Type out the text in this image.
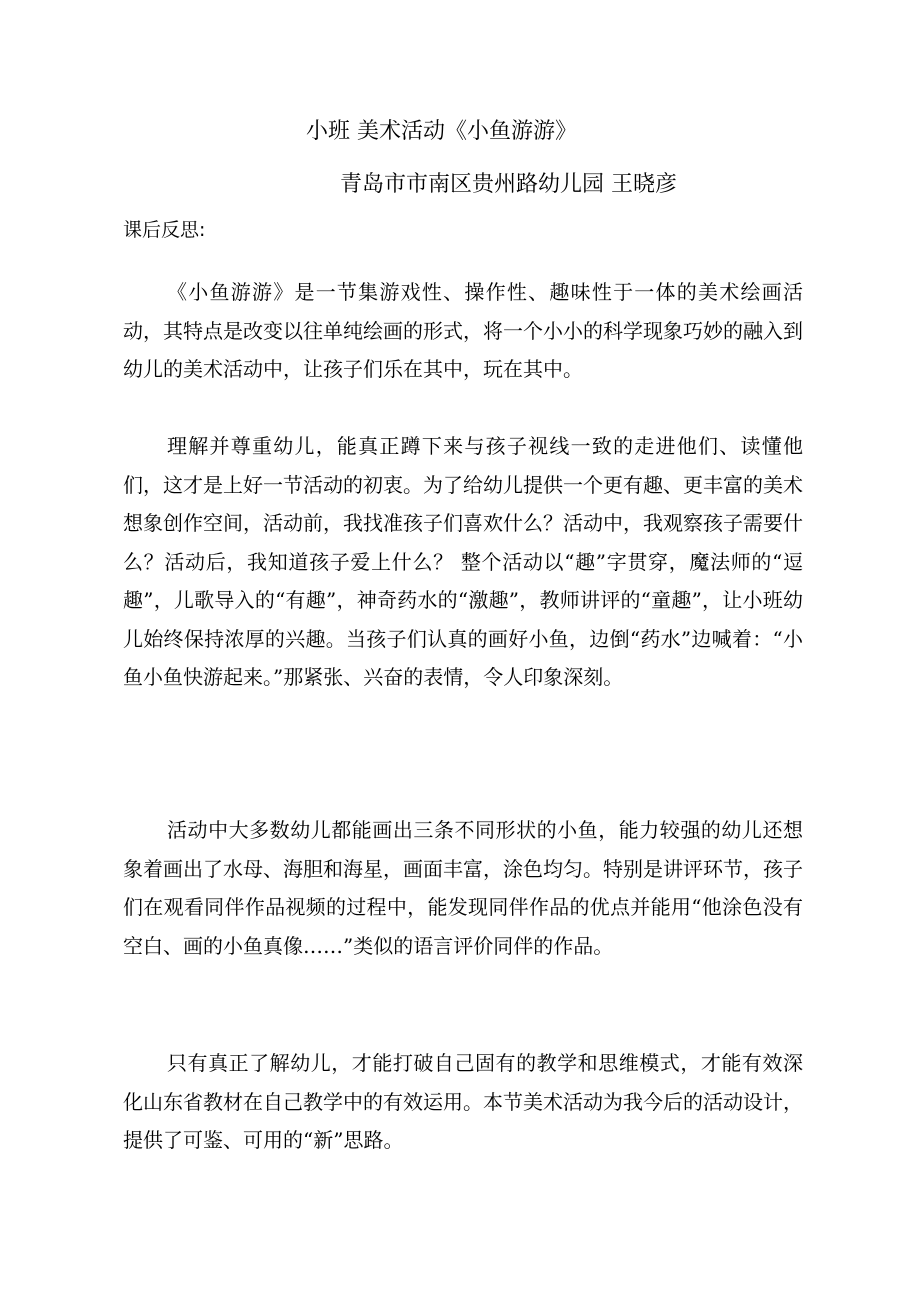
小班 美术活动《小鱼游游》
青岛市市南区贵州路幼儿园 王晓彦
课后反思:

《小鱼游游》是一节集游戏性、操作性、趣味性于一体的美术绘画活动，其特点是改变以往单纯绘画的形式，将一个小小的科学现象巧妙的融入到幼儿的美术活动中，让孩子们乐在其中，玩在其中。

理解并尊重幼儿，能真正蹲下来与孩子视线一致的走进他们、读懂他们，这才是上好一节活动的初衷。为了给幼儿提供一个更有趣、更丰富的美术想象创作空间，活动前，我找准孩子们喜欢什么？活动中，我观察孩子需要什么？活动后，我知道孩子爱上什么？ 整个活动以“趣”字贯穿，魔法师的“逗趣”，儿歌导入的“有趣”，神奇药水的“激趣”，教师讲评的“童趣”，让小班幼儿始终保持浓厚的兴趣。当孩子们认真的画好小鱼，边倒“药水”边喊着：“小鱼小鱼快游起来。”那紧张、兴奋的表情，令人印象深刻。

活动中大多数幼儿都能画出三条不同形状的小鱼，能力较强的幼儿还想象着画出了水母、海胆和海星，画面丰富，涂色均匀。特别是讲评环节，孩子们在观看同伴作品视频的过程中，能发现同伴作品的优点并能用“他涂色没有空白、画的小鱼真像……”类似的语言评价同伴的作品。

只有真正了解幼儿，才能打破自己固有的教学和思维模式，才能有效深化山东省教材在自己教学中的有效运用。本节美术活动为我今后的活动设计，提供了可鉴、可用的“新”思路。
